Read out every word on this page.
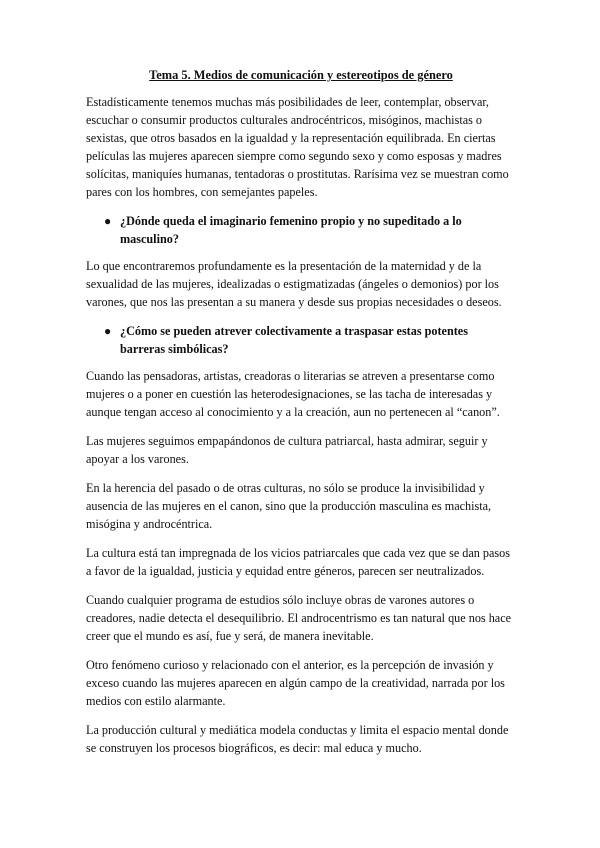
Tema 5. Medios de comunicación y estereotipos de género

Estadísticamente tenemos muchas más posibilidades de leer, contemplar, observar, escuchar o consumir productos culturales androcéntricos, misóginos, machistas o sexistas, que otros basados en la igualdad y la representación equilibrada. En ciertas películas las mujeres aparecen siempre como segundo sexo y como esposas y madres solícitas, maniquíes humanas, tentadoras o prostitutas. Rarísima vez se muestran como pares con los hombres, con semejantes papeles.

● ¿Dónde queda el imaginario femenino propio y no supeditado a lo masculino?

Lo que encontraremos profundamente es la presentación de la maternidad y de la sexualidad de las mujeres, idealizadas o estigmatizadas (ángeles o demonios) por los varones, que nos las presentan a su manera y desde sus propias necesidades o deseos.

● ¿Cómo se pueden atrever colectivamente a traspasar estas potentes barreras simbólicas?

Cuando las pensadoras, artistas, creadoras o literarias se atreven a presentarse como mujeres o a poner en cuestión las heterodesignaciones, se las tacha de interesadas y aunque tengan acceso al conocimiento y a la creación, aun no pertenecen al “canon”.

Las mujeres seguimos empapándonos de cultura patriarcal, hasta admirar, seguir y apoyar a los varones.

En la herencia del pasado o de otras culturas, no sólo se produce la invisibilidad y ausencia de las mujeres en el canon, sino que la producción masculina es machista, misógina y androcéntrica.

La cultura está tan impregnada de los vicios patriarcales que cada vez que se dan pasos a favor de la igualdad, justicia y equidad entre géneros, parecen ser neutralizados.

Cuando cualquier programa de estudios sólo incluye obras de varones autores o creadores, nadie detecta el desequilibrio. El androcentrismo es tan natural que nos hace creer que el mundo es así, fue y será, de manera inevitable.

Otro fenómeno curioso y relacionado con el anterior, es la percepción de invasión y exceso cuando las mujeres aparecen en algún campo de la creatividad, narrada por los medios con estilo alarmante.

La producción cultural y mediática modela conductas y limita el espacio mental donde se construyen los procesos biográficos, es decir: mal educa y mucho.
